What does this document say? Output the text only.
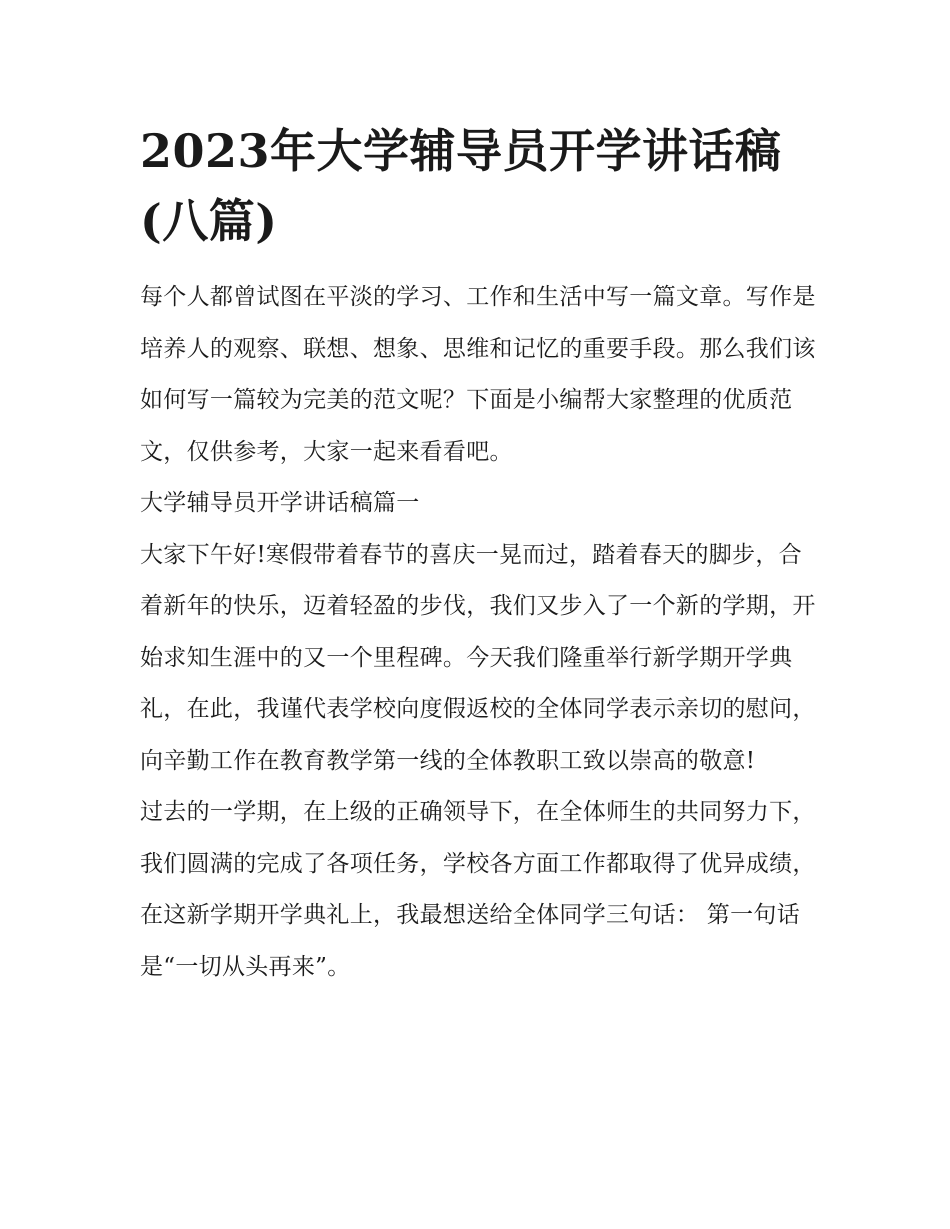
2023年大学辅导员开学讲话稿(八篇)

每个人都曾试图在平淡的学习、工作和生活中写一篇文章。写作是培养人的观察、联想、想象、思维和记忆的重要手段。那么我们该如何写一篇较为完美的范文呢？下面是小编帮大家整理的优质范文，仅供参考，大家一起来看看吧。

大学辅导员开学讲话稿篇一

大家下午好!寒假带着春节的喜庆一晃而过，踏着春天的脚步，合着新年的快乐，迈着轻盈的步伐，我们又步入了一个新的学期，开始求知生涯中的又一个里程碑。今天我们隆重举行新学期开学典礼，在此，我谨代表学校向度假返校的全体同学表示亲切的慰问，向辛勤工作在教育教学第一线的全体教职工致以崇高的敬意!

过去的一学期，在上级的正确领导下，在全体师生的共同努力下，我们圆满的完成了各项任务，学校各方面工作都取得了优异成绩，

在这新学期开学典礼上，我最想送给全体同学三句话： 第一句话是“一切从头再来”。
